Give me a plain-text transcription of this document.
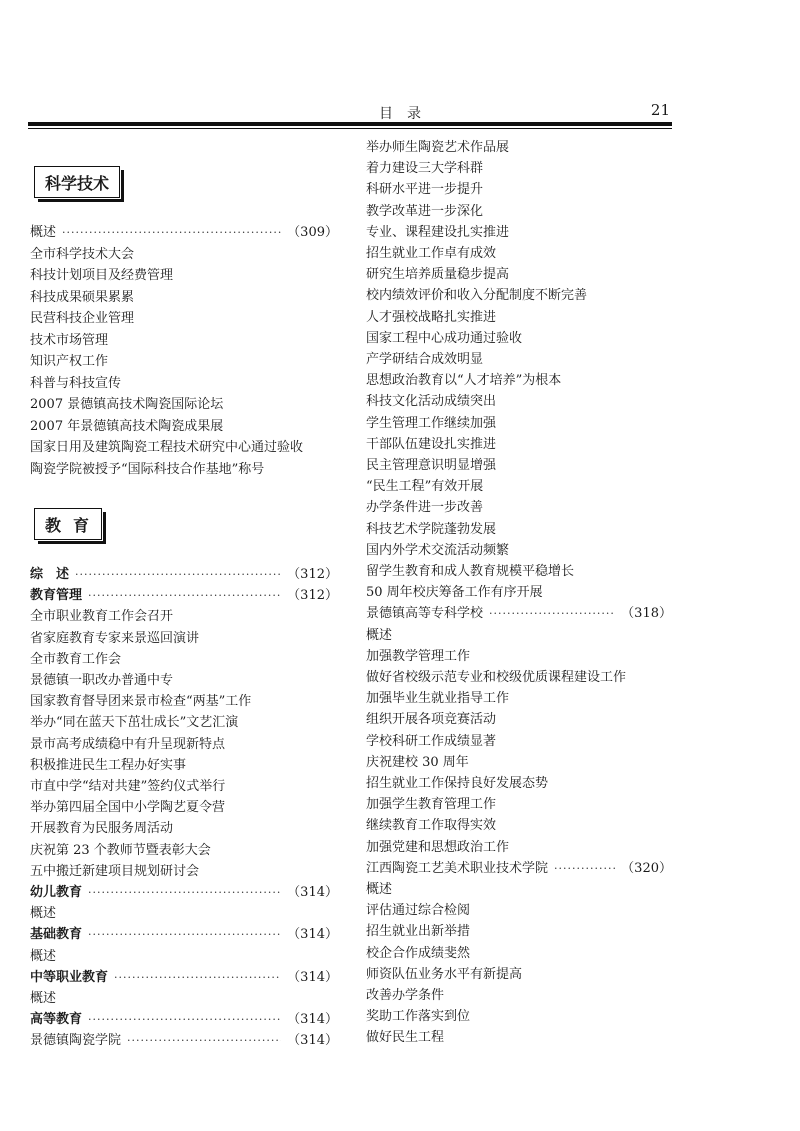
目　录	21
科学技术
概述 ·····	（309）
全市科学技术大会
科技计划项目及经费管理
科技成果硕果累累
民营科技企业管理
技术市场管理
知识产权工作
科普与科技宣传
2007 景德镇高技术陶瓷国际论坛
2007 年景德镇高技术陶瓷成果展
国家日用及建筑陶瓷工程技术研究中心通过验收
陶瓷学院被授予“国际科技合作基地”称号
教育
综　述 ·····	（312）
教育管理 ·····	（312）
全市职业教育工作会召开
省家庭教育专家来景巡回演讲
全市教育工作会
景德镇一职改办普通中专
国家教育督导团来景市检查“两基”工作
举办“同在蓝天下茁壮成长”文艺汇演
景市高考成绩稳中有升呈现新特点
积极推进民生工程办好实事
市直中学“结对共建”签约仪式举行
举办第四届全国中小学陶艺夏令营
开展教育为民服务周活动
庆祝第 23 个教师节暨表彰大会
五中搬迁新建项目规划研讨会
幼儿教育 ·····	（314）
概述
基础教育 ·····	（314）
概述
中等职业教育 ·····	（314）
概述
高等教育 ·····	（314）
景德镇陶瓷学院 ·····	（314）
举办师生陶瓷艺术作品展
着力建设三大学科群
科研水平进一步提升
教学改革进一步深化
专业、课程建设扎实推进
招生就业工作卓有成效
研究生培养质量稳步提高
校内绩效评价和收入分配制度不断完善
人才强校战略扎实推进
国家工程中心成功通过验收
产学研结合成效明显
思想政治教育以“人才培养”为根本
科技文化活动成绩突出
学生管理工作继续加强
干部队伍建设扎实推进
民主管理意识明显增强
“民生工程”有效开展
办学条件进一步改善
科技艺术学院蓬勃发展
国内外学术交流活动频繁
留学生教育和成人教育规模平稳增长
50 周年校庆筹备工作有序开展
景德镇高等专科学校 ·····	（318）
概述
加强教学管理工作
做好省校级示范专业和校级优质课程建设工作
加强毕业生就业指导工作
组织开展各项竞赛活动
学校科研工作成绩显著
庆祝建校 30 周年
招生就业工作保持良好发展态势
加强学生教育管理工作
继续教育工作取得实效
加强党建和思想政治工作
江西陶瓷工艺美术职业技术学院 ·····	（320）
概述
评估通过综合检阅
招生就业出新举措
校企合作成绩斐然
师资队伍业务水平有新提高
改善办学条件
奖助工作落实到位
做好民生工程
